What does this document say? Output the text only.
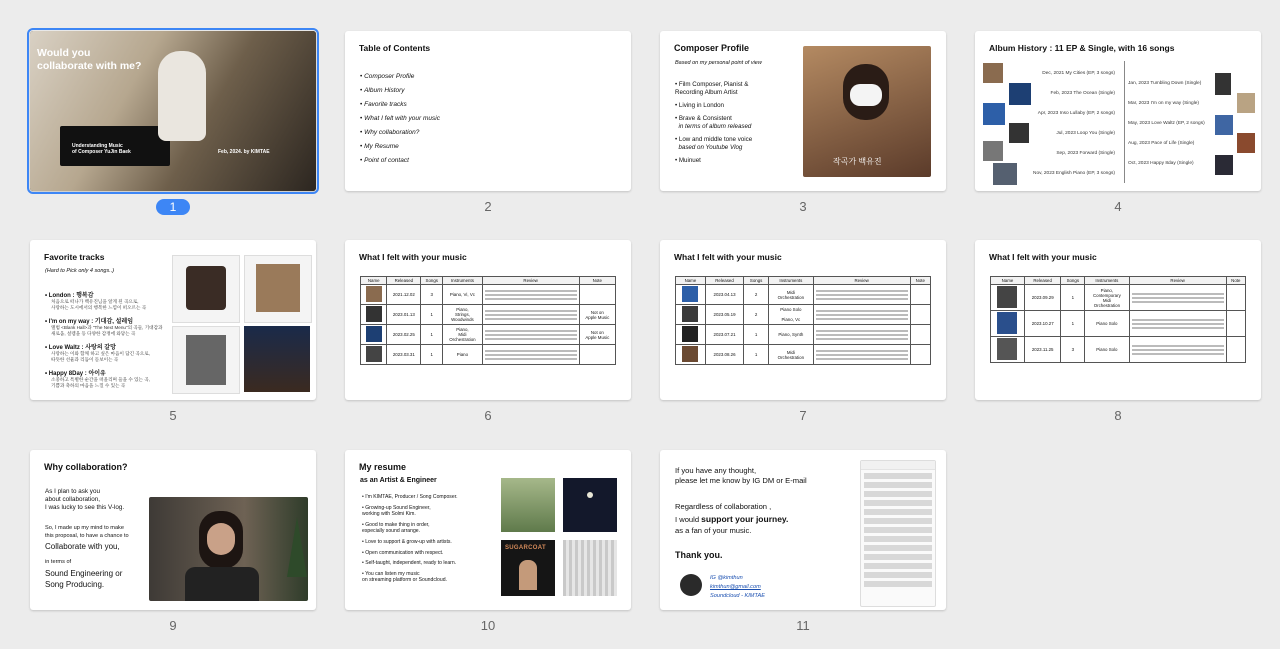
Would you
collaborate with me?
Understanding Music
of Composer YuJin Baek	Feb, 2024. by KIMTAE
1
Table of Contents
• Composer Profile
• Album History
• Favorite tracks
• What I felt with your music
• Why collaboration?
• My Resume
• Point of contact
2
Composer Profile
Based on my personal point of view
• Film Composer, Pianist &
Recording Album Artist
• Living in London
• Brave & Consistent
in terms of album released
• Low and middle tone voice
based on Youtube Vlog
• Muinuet	작곡가 백유진
3
Album History : 11 EP & Single, with 16 songs
Dec, 2021 My Cities (EP, 3 songs)
Feb, 2023 The Ocean (Single)
Apr, 2023 Inso Lullaby (EP, 2 songs)
Jul, 2023 Loop You (Single)
Sep, 2023 Forward (Single)
Nov, 2023 English Piano (EP, 3 songs)
Jan, 2023 Tumbling Down (Single)
Mar, 2023 I'm on my way (Single)
May, 2023 Love Waltz (EP, 2 songs)
Aug, 2023 Pace of Life (Single)
Oct, 2023 Happy 8day (Single)
4
Favorite tracks
(Hard to Pick only 4 songs..)
• London : 행복감
처음으로 떠나가 백유진님을 알게 된 곡으로,
사랑하는 도시에서의 행복한 느낌이 떠오르는 곡
• I'm on my way : 기대감, 설레임
앨범 <Blank Hall>과 "The Next Menu"의 곡들, 기대감과
새로움, 설렘을 등 다양한 감정에 와닿는 곡
• Love Waltz : 사랑의 갈망
사랑하는 이와 함께 하고 싶은 마음이 담긴 곡으로,
따뜻한 선율과 리듬이 돋보이는 곡
• Happy 8Day : 아이유
소중하고 특별한 순간을 떠올리며 들을 수 있는 곡,
기쁨과 축하의 마음을 느낄 수 있는 곡
5
What I felt with your music
Name	Released	Songs	Instruments	Review	Note
	2021.12.02	3	Piano, Vi, Vc	

	2023.01.13	1	Piano,
Strings,
Woodwinds		Not on
Apple Music
	2023.02.25	1	Piano,
Midi
Orchestration		Not on
Apple Music
	2023.03.31	1	Piano	

6
What I felt with your music
Name	Released	Songs	Instruments	Review	Note
	2023.04.13	2	Midi
Orchestration	

	2023.05.19	2	Piano Solo

Piano, Vc	

	2023.07.21	1	Piano, Synth	

	2023.08.26	1	Midi
Orchestration	

7
What I felt with your music
Name	Released	Songs	Instruments	Review	Note
	2023.09.29	1	Piano,
Contemporary
Midi
Orchestration	

	2023.10.27	1	Piano Solo	

	2023.11.25	3	Piano Solo	

8
Why collaboration?
As I plan to ask you
about collaboration,
I was lucky to see this V-log.
So, I made up my mind to make
this proposal, to have a chance to
Collaborate with you,
in terms of
Sound Engineering or
Song Producing.
9
My resume
as an Artist & Engineer
• I'm KIMTAE, Producer / Song Composer.
• Growing-up Sound Engineer,
working with Solmi Kim.
• Good to make thing in order,
especially sound arrange.
• Love to support & grow-up with artists.
• Open communication with respect.
• Self-taught, independent, ready to learn.
• You can listen my music
on streaming platform or Soundcloud.
SUGARCOAT
10
If you have any thought,
please let me know by IG DM or E-mail
Regardless of collaboration ,
I would support your journey.
as a fan of your music.
Thank you.
IG @kimthun
kimthun@gmail.com
Soundcloud - KIMTAE
11
